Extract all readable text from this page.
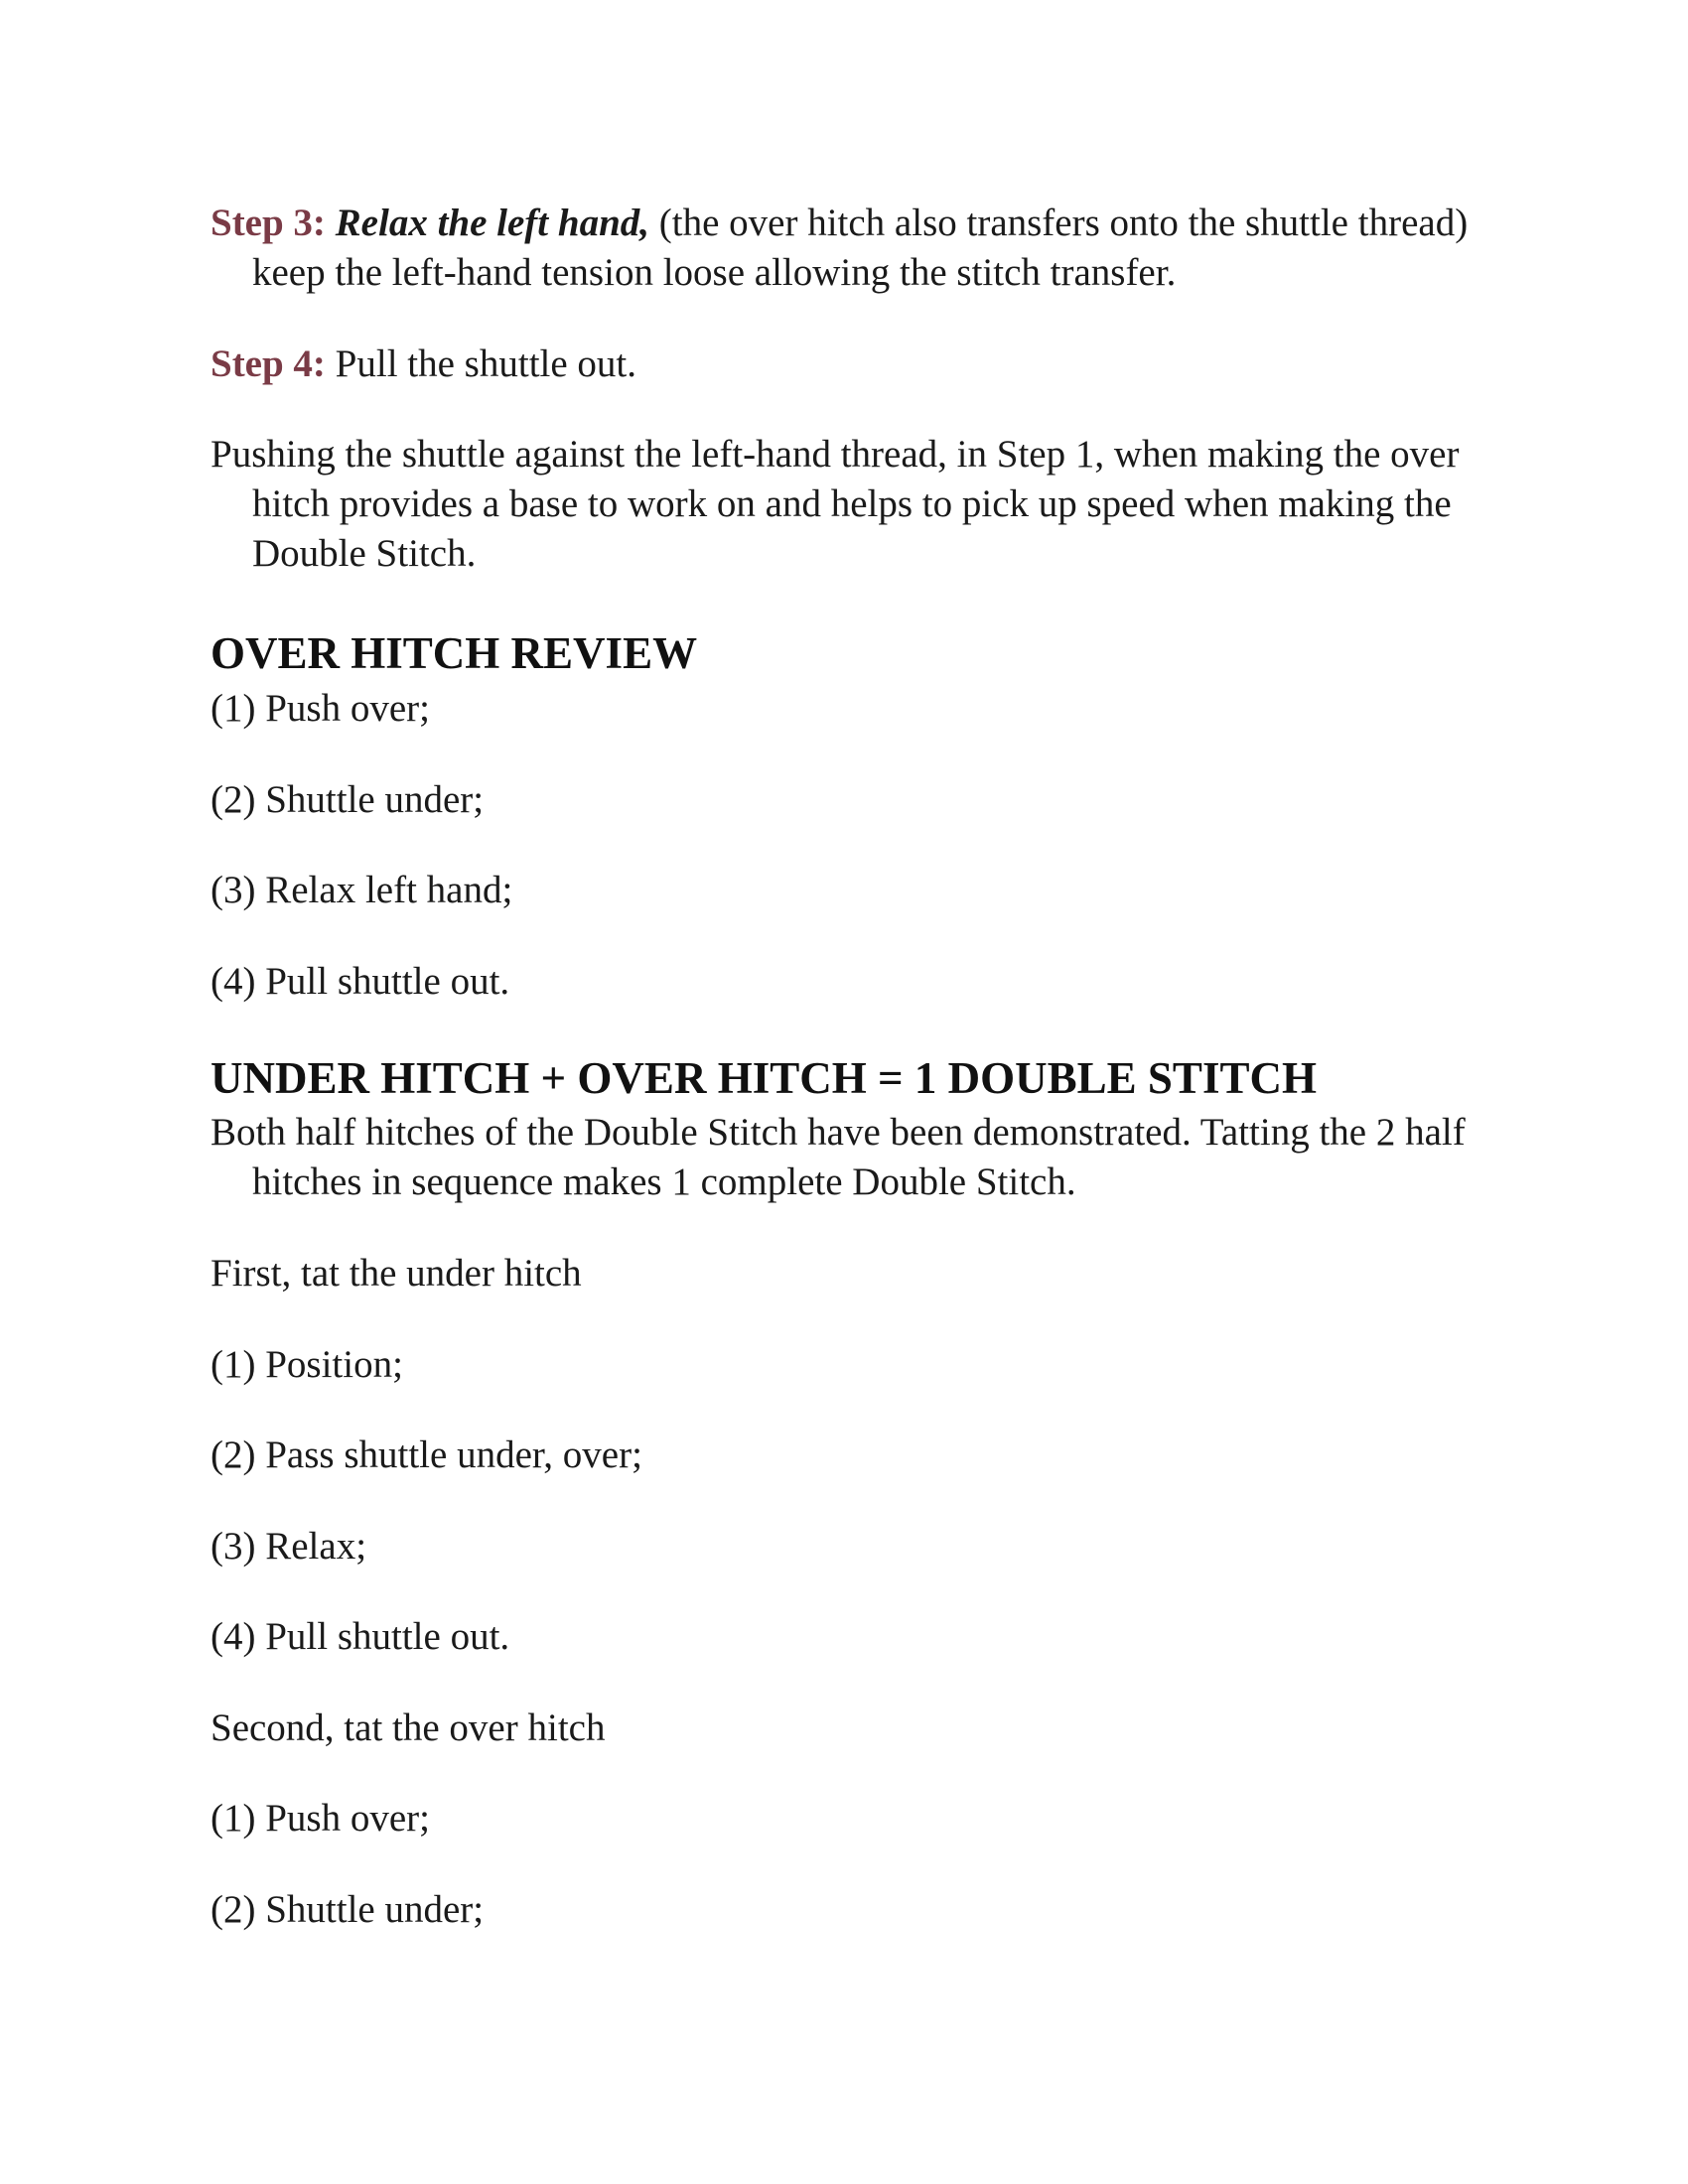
Step 3: Relax the left hand, (the over hitch also transfers onto the shuttle thread) keep the left-hand tension loose allowing the stitch transfer.

Step 4: Pull the shuttle out.

Pushing the shuttle against the left-hand thread, in Step 1, when making the over hitch provides a base to work on and helps to pick up speed when making the Double Stitch.

OVER HITCH REVIEW

(1) Push over;

(2) Shuttle under;

(3) Relax left hand;

(4) Pull shuttle out.

UNDER HITCH + OVER HITCH = 1 DOUBLE STITCH

Both half hitches of the Double Stitch have been demonstrated. Tatting the 2 half hitches in sequence makes 1 complete Double Stitch.

First, tat the under hitch

(1) Position;

(2) Pass shuttle under, over;

(3) Relax;

(4) Pull shuttle out.

Second, tat the over hitch

(1) Push over;

(2) Shuttle under;
